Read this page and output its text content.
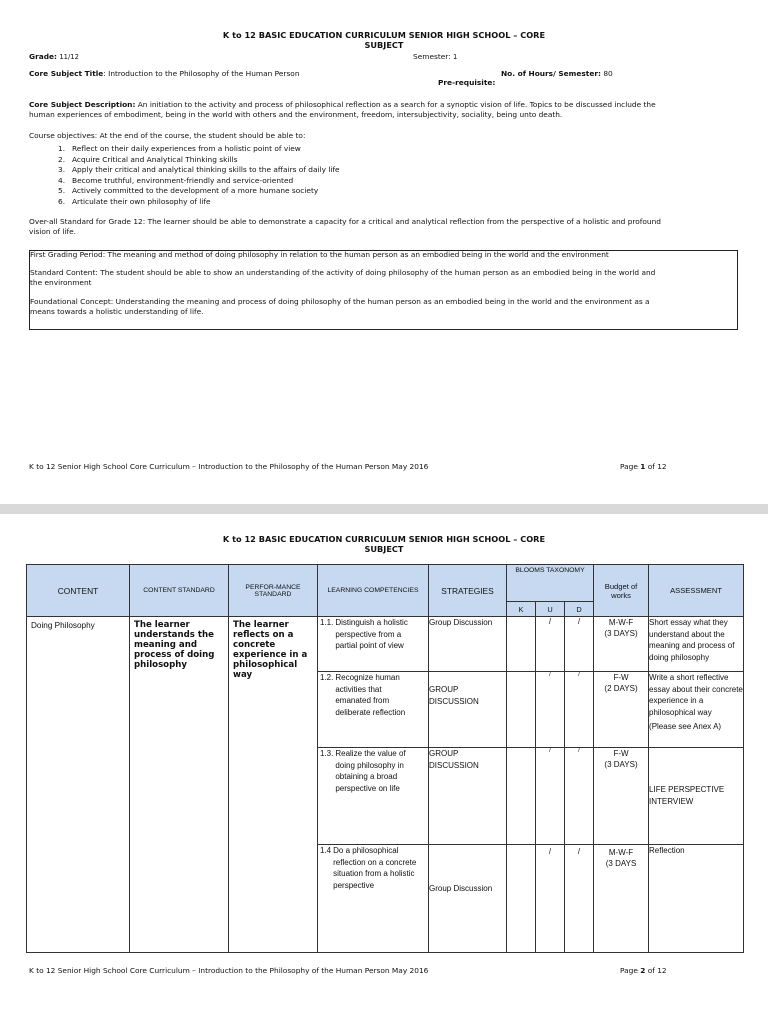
K to 12 BASIC EDUCATION CURRICULUM SENIOR HIGH SCHOOL – CORE
SUBJECT
Grade: 11/12	Semester: 1
Core Subject Title: Introduction to the Philosophy of the Human Person	No. of Hours/ Semester: 80
Pre-requisite:
Core Subject Description: An initiation to the activity and process of philosophical reflection as a search for a synoptic vision of life. Topics to be discussed include the
human experiences of embodiment, being in the world with others and the environment, freedom, intersubjectivity, sociality, being unto death.
Course objectives: At the end of the course, the student should be able to:
1. Reflect on their daily experiences from a holistic point of view
2. Acquire Critical and Analytical Thinking skills
3. Apply their critical and analytical thinking skills to the affairs of daily life
4. Become truthful, environment-friendly and service-oriented
5. Actively committed to the development of a more humane society
6. Articulate their own philosophy of life
Over-all Standard for Grade 12: The learner should be able to demonstrate a capacity for a critical and analytical reflection from the perspective of a holistic and profound
vision of life.

First Grading Period: The meaning and method of doing philosophy in relation to the human person as an embodied being in the world and the environment

Standard Content: The student should be able to show an understanding of the activity of doing philosophy of the human person as an embodied being in the world and
the environment

Foundational Concept: Understanding the meaning and process of doing philosophy of the human person as an embodied being in the world and the environment as a
means towards a holistic understanding of life.

K to 12 Senior High School Core Curriculum – Introduction to the Philosophy of the Human Person May 2016	Page 1 of 12
K to 12 BASIC EDUCATION CURRICULUM SENIOR HIGH SCHOOL – CORE
SUBJECT
CONTENT	CONTENT STANDARD	PERFOR-MANCE STANDARD	LEARNING COMPETENCIES	STRATEGIES	BLOOMS TAXONOMY			Budget of works	ASSESSMENT
					K	U	D		

Doing Philosophy	The learner understands the meaning and process of doing philosophy	The learner reflects on a concrete experience in a philosophical way	1.1. Distinguish a holistic perspective from a partial point of view	Group Discussion		/	/	M-W-F
(3 DAYS)	Short essay what they understand about the meaning and process of doing philosophy

			1.2. Recognize human activities that emanated from deliberate reflection	GROUP DISCUSSION		/	/	F-W
(2 DAYS)	Write a short reflective essay about their concrete experience in a philosophical way
(Please see Anex A)

			1.3. Realize the value of doing philosophy in obtaining a broad perspective on life	GROUP DISCUSSION		/	/	F-W
(3 DAYS)	LIFE PERSPECTIVE INTERVIEW

			1.4 Do a philosophical reflection on a concrete situation from a holistic perspective	Group Discussion		/	/	M-W-F
(3 DAYS	Reflection
K to 12 Senior High School Core Curriculum – Introduction to the Philosophy of the Human Person May 2016	Page 2 of 12
